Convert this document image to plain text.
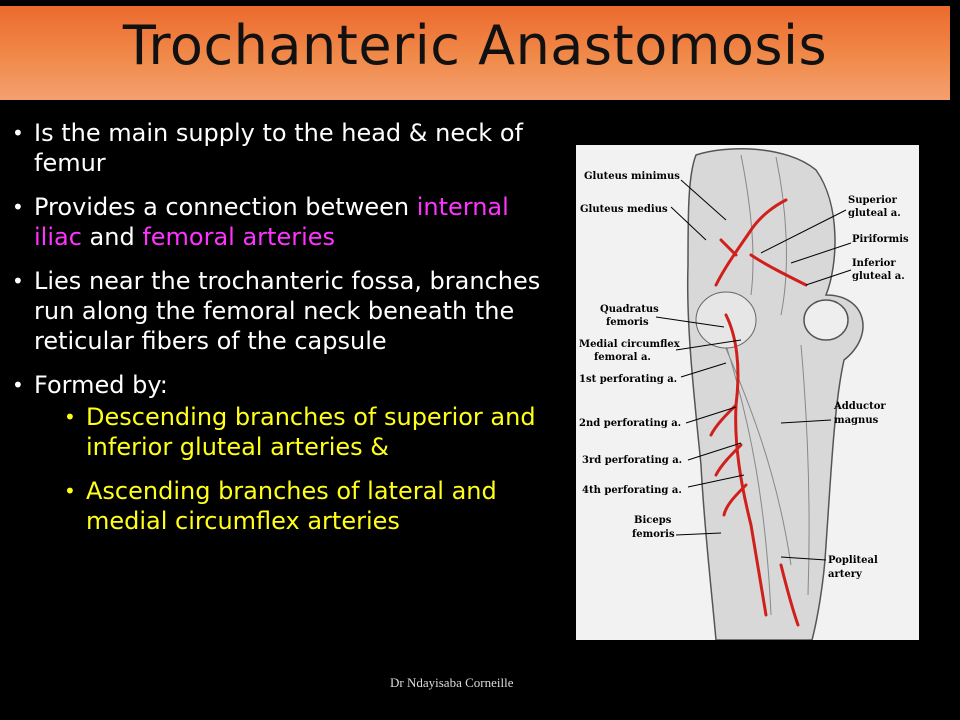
Trochanteric Anastomosis
• Is the main supply to the head & neck of femur
• Provides a connection between internal iliac and femoral arteries
• Lies near the trochanteric fossa, branches run along the femoral neck beneath the reticular fibers of the capsule
• Formed by:
• Descending branches of superior and inferior gluteal arteries &
• Ascending branches of lateral and medial circumflex arteries
Gluteus minimus
Gluteus medius
Superior
gluteal a.
Piriformis
Inferior
gluteal a.
Quadratus
femoris
Medial circumflex
femoral a.
1st perforating a.
2nd perforating a.
3rd perforating a.
4th perforating a.
Adductor
magnus
Biceps
femoris
Popliteal
artery
Dr Ndayisaba Corneille
